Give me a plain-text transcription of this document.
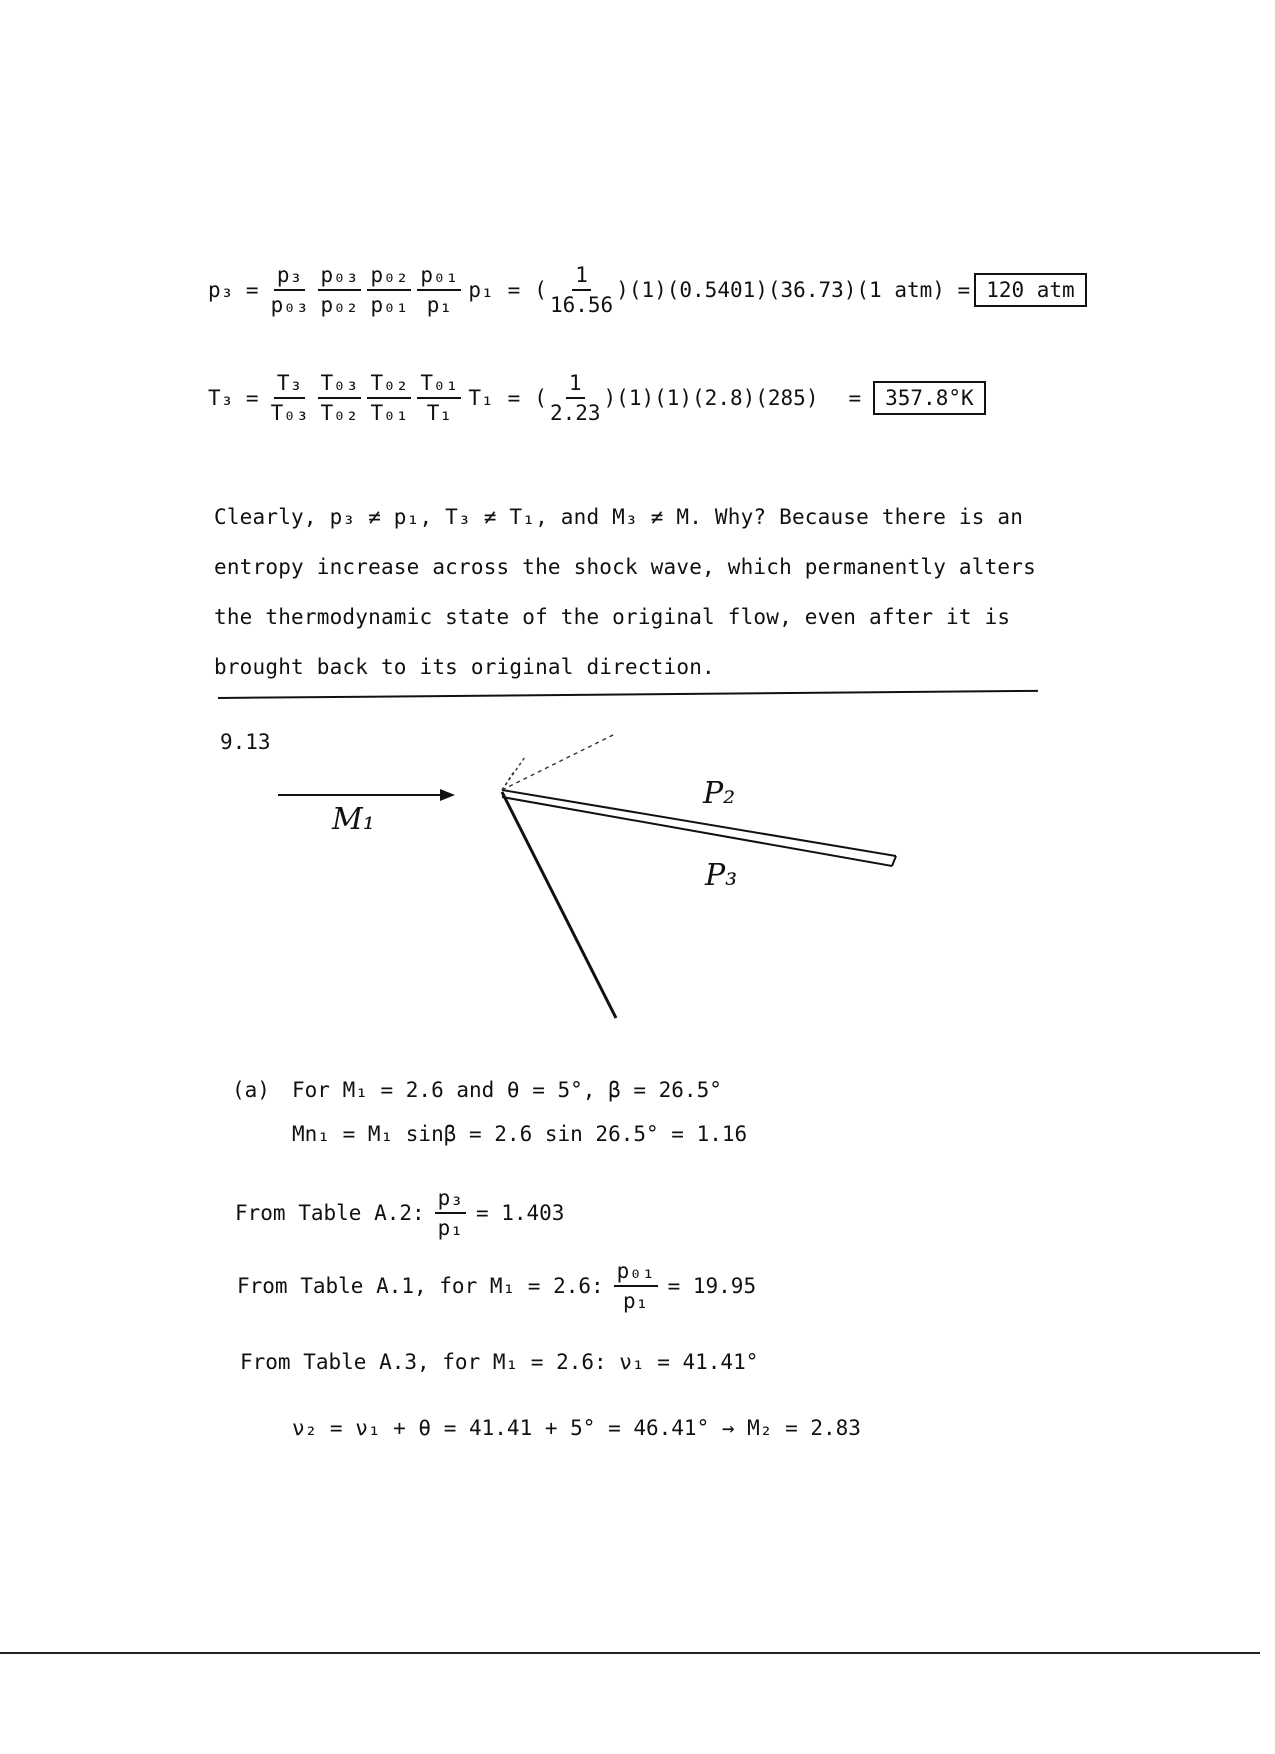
$p_3 = \frac{\text{p₃}}{\text{p₀₃}} \frac{\text{p₀₃}}{\text{p₀₂}} \frac{\text{p₀₂}}{\text{p₀₁}} \frac{\text{p₀₁}}{\text{p₁}} p_1$ = ( $\frac{1}{16.56}$ ) (1)(0.5401)(36.73)(1 atm) = 120 atm
$T_3 = \frac{\text{T₃}}{\text{T₀₃}} \frac{\text{T₀₃}}{\text{T₀₂}} \frac{\text{T₀₂}}{\text{T₀₁}} \frac{\text{T₀₁}}{\text{T₁}} T_1$ = ( $\frac{1}{2.23}$ ) (1)(1)(2.8)(285) =	357.8°K
Clearly, p₃ ≠ p₁, T₃ ≠ T₁, and M₃ ≠ M. Why? Because there is an
entropy increase across the shock wave, which permanently alters
the thermodynamic state of the original flow, even after it is
brought back to its original direction.
9.13
M₁
P₂
P₃
(a) For M₁ = 2.6 and θ = 5°, β = 26.5°
Mn₁ = M₁ sinβ = 2.6 sin 26.5° = 1.16
From Table A.2: $\frac{\text{p₃}}{\text{p₁}} = 1.403$
From Table A.1, for M₁ = 2.6: $\frac{\text{p₀₁}}{\text{p₁}} = 19.95$
From Table A.3, for M₁ = 2.6: ν₁ = 41.41°
ν₂ = ν₁ + θ = 41.41 + 5° = 46.41° → M₂ = 2.83
